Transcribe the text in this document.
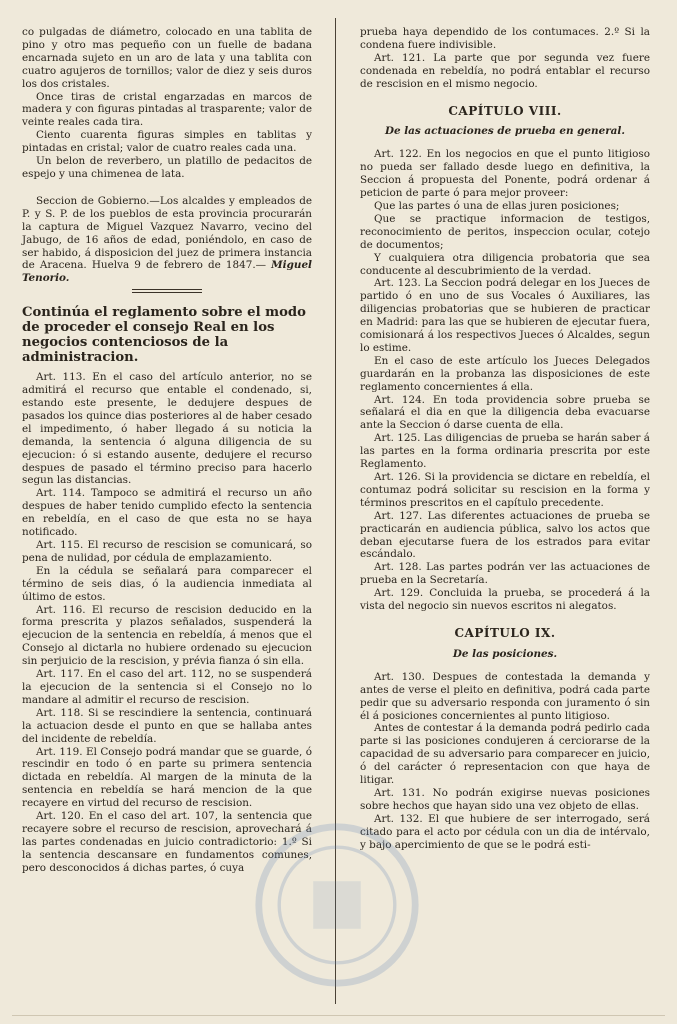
co pulgadas de diámetro, colocado en una tablita de pino y otro mas pequeño con un fuelle de badana encarnada sujeto en un aro de lata y una tablita con cuatro agujeros de tornillos; valor de diez y seis duros los dos cristales.

Once tiras de cristal engarzadas en marcos de madera y con figuras pintadas al trasparente; valor de veinte reales cada tira.

Ciento cuarenta figuras simples en tablitas y pintadas en cristal; valor de cuatro reales cada una.

Un belon de reverbero, un platillo de pedacitos de espejo y una chimenea de lata.

Seccion de Gobierno.—Los alcaldes y empleados de P. y S. P. de los pueblos de esta provincia procurarán la captura de Miguel Vazquez Navarro, vecino del Jabugo, de 16 años de edad, poniéndolo, en caso de ser habido, á disposicion del juez de primera instancia de Aracena. Huelva 9 de febrero de 1847.— Miguel Tenorio.

Continúa el reglamento sobre el modo de proceder el consejo Real en los negocios contenciosos de la administracion.

Art. 113. En el caso del artículo anterior, no se admitirá el recurso que entable el condenado, si, estando este presente, le dedujere despues de pasados los quince dias posteriores al de haber cesado el impedimento, ó haber llegado á su noticia la demanda, la sentencia ó alguna diligencia de su ejecucion: ó si estando ausente, dedujere el recurso despues de pasado el término preciso para hacerlo segun las distancias.

Art. 114. Tampoco se admitirá el recurso un año despues de haber tenido cumplido efecto la sentencia en rebeldía, en el caso de que esta no se haya notificado.

Art. 115. El recurso de rescision se comunicará, so pena de nulidad, por cédula de emplazamiento.

En la cédula se señalará para comparecer el término de seis dias, ó la audiencia inmediata al último de estos.

Art. 116. El recurso de rescision deducido en la forma prescrita y plazos señalados, suspenderá la ejecucion de la sentencia en rebeldía, á menos que el Consejo al dictarla no hubiere ordenado su ejecucion sin perjuicio de la rescision, y prévia fianza ó sin ella.

Art. 117. En el caso del art. 112, no se suspenderá la ejecucion de la sentencia si el Consejo no lo mandare al admitir el recurso de rescision.

Art. 118. Si se rescindiere la sentencia, continuará la actuacion desde el punto en que se hallaba antes del incidente de rebeldía.

Art. 119. El Consejo podrá mandar que se guarde, ó rescindir en todo ó en parte su primera sentencia dictada en rebeldía. Al margen de la minuta de la sentencia en rebeldía se hará mencion de la que recayere en virtud del recurso de rescision.

Art. 120. En el caso del art. 107, la sentencia que recayere sobre el recurso de rescision, aprovechará á las partes condenadas en juicio contradictorio: 1.º Si la sentencia descansare en fundamentos comunes, pero desconocidos á dichas partes, ó cuya

prueba haya dependido de los contumaces. 2.º Si la condena fuere indivisible.

Art. 121. La parte que por segunda vez fuere condenada en rebeldía, no podrá entablar el recurso de rescision en el mismo negocio.

CAPÍTULO VIII.

De las actuaciones de prueba en general.

Art. 122. En los negocios en que el punto litigioso no pueda ser fallado desde luego en definitiva, la Seccion á propuesta del Ponente, podrá ordenar á peticion de parte ó para mejor proveer:

Que las partes ó una de ellas juren posiciones;

Que se practique informacion de testigos, reconocimiento de peritos, inspeccion ocular, cotejo de documentos;

Y cualquiera otra diligencia probatoria que sea conducente al descubrimiento de la verdad.

Art. 123. La Seccion podrá delegar en los Jueces de partido ó en uno de sus Vocales ó Auxiliares, las diligencias probatorias que se hubieren de practicar en Madrid: para las que se hubieren de ejecutar fuera, comisionará á los respectivos Jueces ó Alcaldes, segun lo estime.

En el caso de este artículo los Jueces Delegados guardarán en la probanza las disposiciones de este reglamento concernientes á ella.

Art. 124. En toda providencia sobre prueba se señalará el dia en que la diligencia deba evacuarse ante la Seccion ó darse cuenta de ella.

Art. 125. Las diligencias de prueba se harán saber á las partes en la forma ordinaria prescrita por este Reglamento.

Art. 126. Si la providencia se dictare en rebeldía, el contumaz podrá solicitar su rescision en la forma y términos prescritos en el capítulo precedente.

Art. 127. Las diferentes actuaciones de prueba se practicarán en audiencia pública, salvo los actos que deban ejecutarse fuera de los estrados para evitar escándalo.

Art. 128. Las partes podrán ver las actuaciones de prueba en la Secretaría.

Art. 129. Concluida la prueba, se procederá á la vista del negocio sin nuevos escritos ni alegatos.

CAPÍTULO IX.

De las posiciones.

Art. 130. Despues de contestada la demanda y antes de verse el pleito en definitiva, podrá cada parte pedir que su adversario responda con juramento ó sin él á posiciones concernientes al punto litigioso.

Antes de contestar á la demanda podrá pedirlo cada parte si las posiciones condujeren á cerciorarse de la capacidad de su adversario para comparecer en juicio, ó del carácter ó representacion con que haya de litigar.

Art. 131. No podrán exigirse nuevas posiciones sobre hechos que hayan sido una vez objeto de ellas.

Art. 132. El que hubiere de ser interrogado, será citado para el acto por cédula con un dia de intérvalo, y bajo apercimiento de que se le podrá esti-
